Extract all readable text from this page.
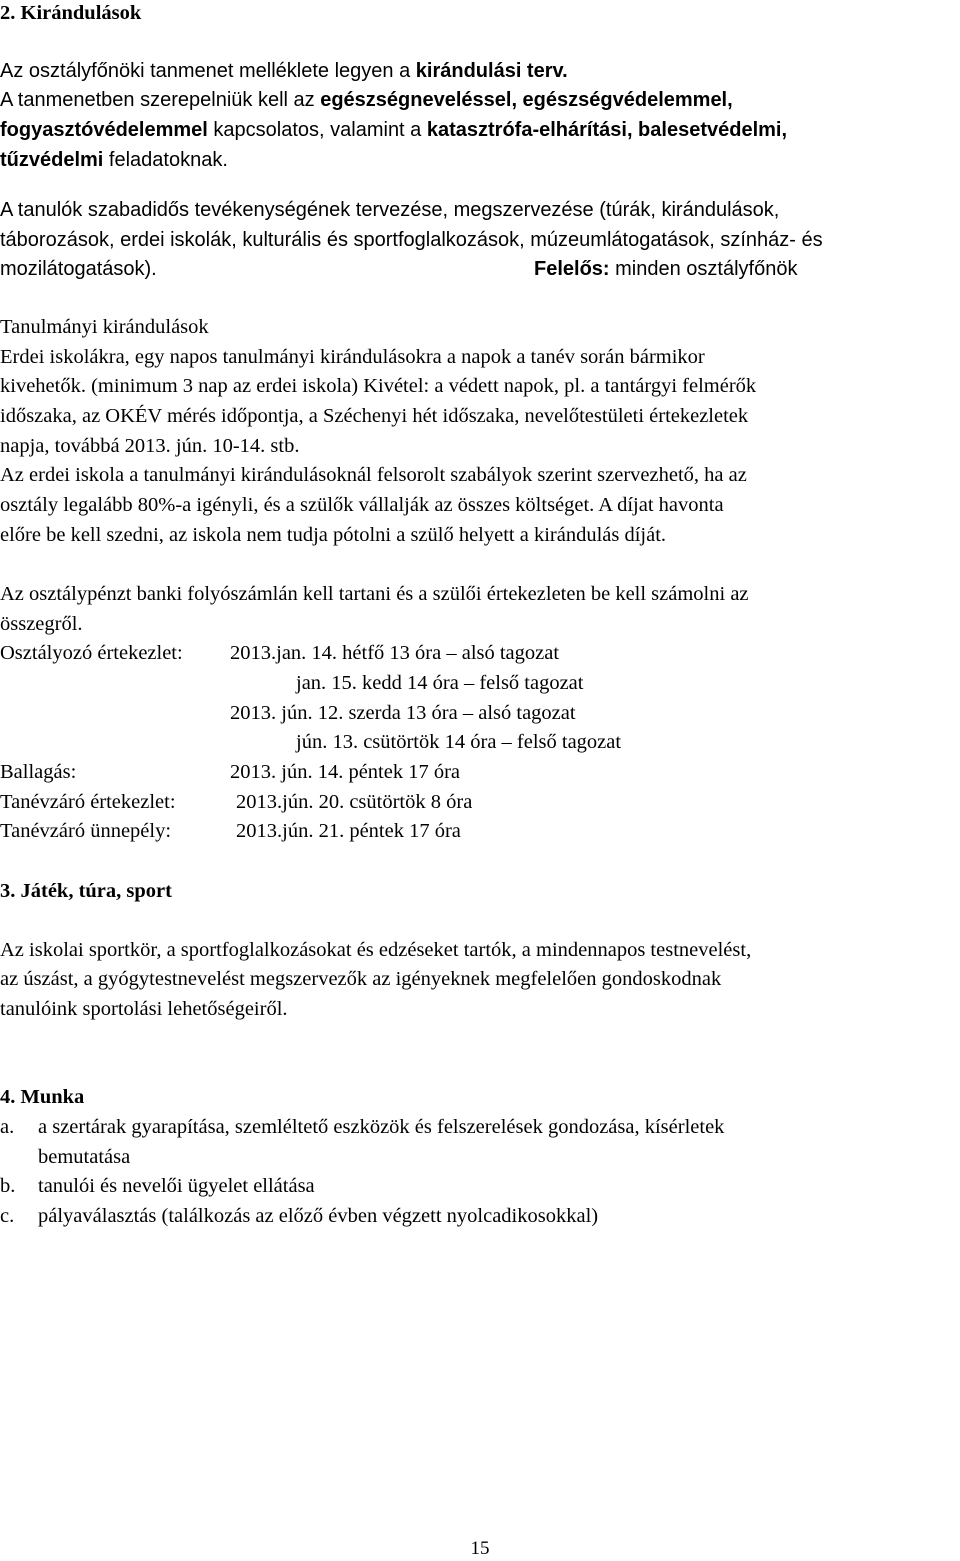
2. Kirándulások
Az osztályfőnöki tanmenet melléklete legyen a kirándulási terv.
A tanmenetben szerepelniük kell az egészségneveléssel, egészségvédelemmel,
fogyasztóvédelemmel kapcsolatos, valamint a katasztrófa-elhárítási, balesetvédelmi,
tűzvédelmi feladatoknak.
A tanulók szabadidős tevékenységének tervezése, megszervezése (túrák, kirándulások,
táborozások, erdei iskolák, kulturális és sportfoglalkozások, múzeumlátogatások, színház- és
mozilátogatások).	Felelős: minden osztályfőnök
Tanulmányi kirándulások
Erdei iskolákra, egy napos tanulmányi kirándulásokra a napok a tanév során bármikor
kivehetők. (minimum 3 nap az erdei iskola) Kivétel: a védett napok, pl. a tantárgyi felmérők
időszaka, az OKÉV mérés időpontja, a Széchenyi hét időszaka, nevelőtestületi értekezletek
napja, továbbá 2013. jún. 10-14. stb.
Az erdei iskola a tanulmányi kirándulásoknál felsorolt szabályok szerint szervezhető, ha az
osztály legalább 80%-a igényli, és a szülők vállalják az összes költséget. A díjat havonta
előre be kell szedni, az iskola nem tudja pótolni a szülő helyett a kirándulás díját.
Az osztálypénzt banki folyószámlán kell tartani és a szülői értekezleten be kell számolni az
összegről.
Osztályozó értekezlet: 2013.jan. 14. hétfő 13 óra – alsó tagozat
jan. 15. kedd 14 óra – felső tagozat
2013. jún. 12. szerda 13 óra – alsó tagozat
jún. 13. csütörtök 14 óra – felső tagozat
Ballagás:	2013. jún. 14. péntek 17 óra
Tanévzáró értekezlet:	2013.jún. 20. csütörtök 8 óra
Tanévzáró ünnepély:	2013.jún. 21. péntek 17 óra
3. Játék, túra, sport
Az iskolai sportkör, a sportfoglalkozásokat és edzéseket tartók, a mindennapos testnevelést,
az úszást, a gyógytestnevelést megszervezők az igényeknek megfelelően gondoskodnak
tanulóink sportolási lehetőségeiről.
4. Munka
a. a szertárak gyarapítása, szemléltető eszközök és felszerelések gondozása, kísérletek
bemutatása
b. tanulói és nevelői ügyelet ellátása
c. pályaválasztás (találkozás az előző évben végzett nyolcadikosokkal)
15
